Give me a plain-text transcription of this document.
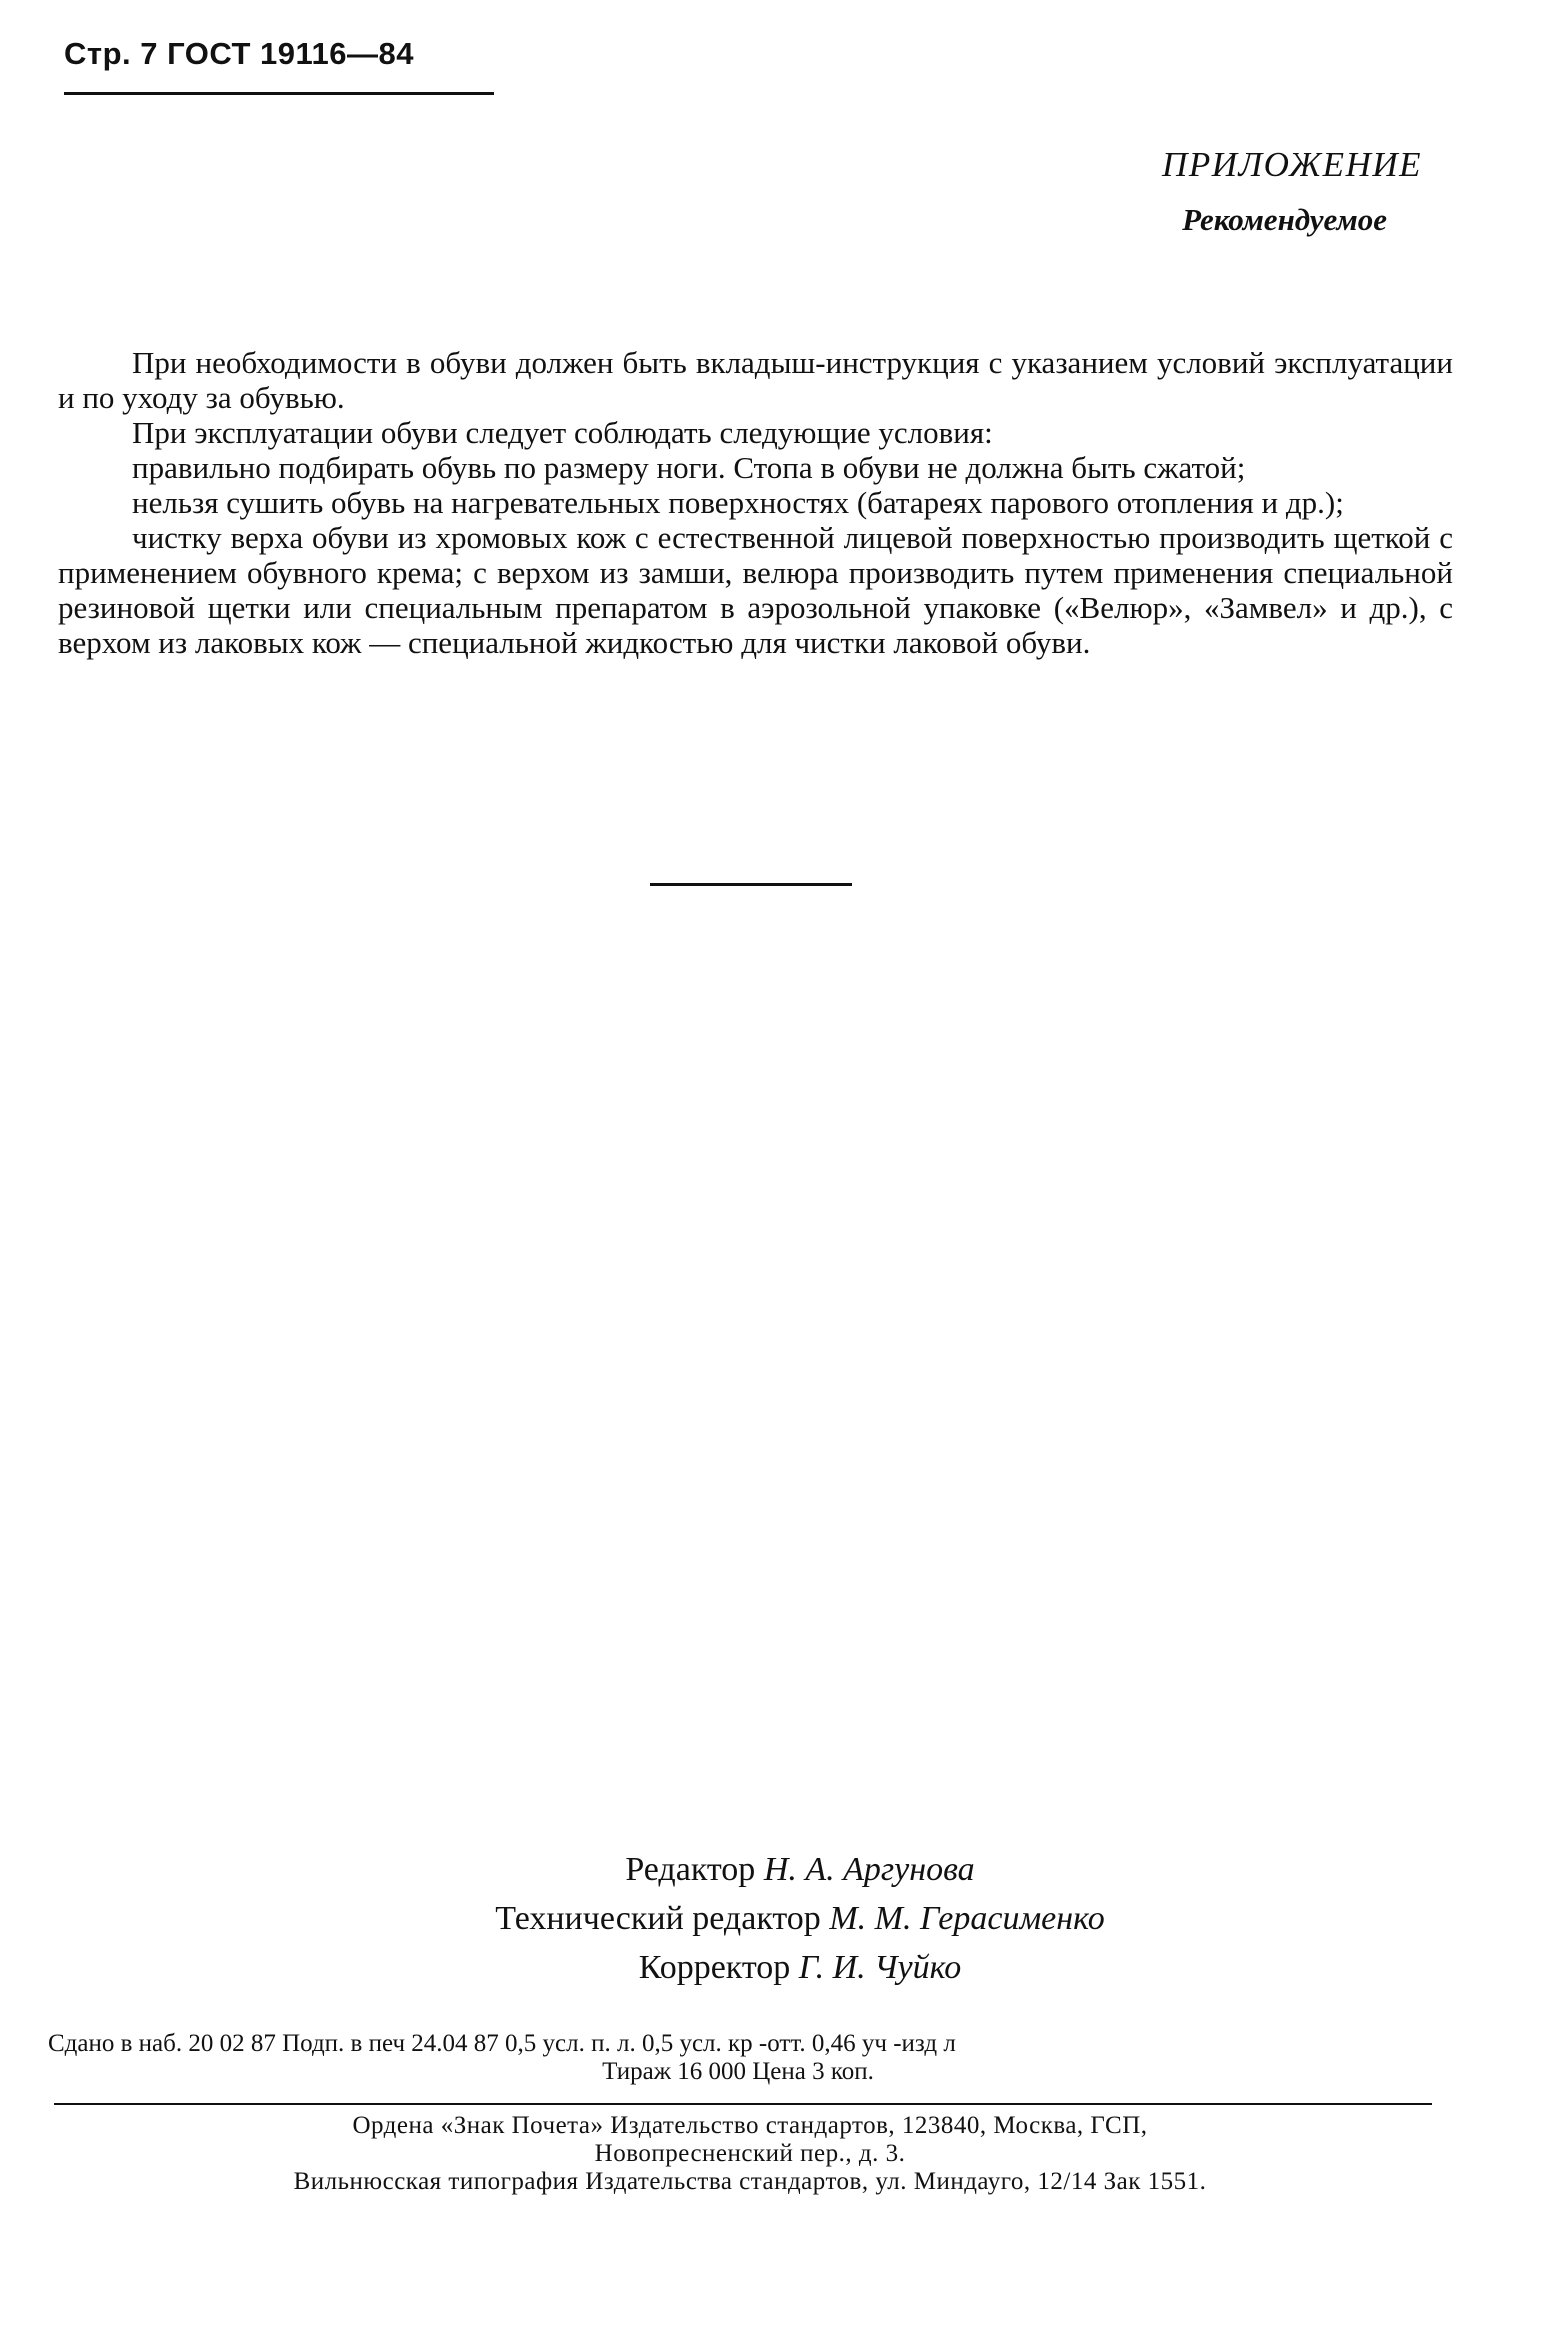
Стр. 7 ГОСТ 19116—84
ПРИЛОЖЕНИЕ
Рекомендуемое

При необходимости в обуви должен быть вкладыш-инструкция с указанием условий эксплуатации и по уходу за обувью.

При эксплуатации обуви следует соблюдать следующие условия:

правильно подбирать обувь по размеру ноги. Стопа в обуви не должна быть сжатой;

нельзя сушить обувь на нагревательных поверхностях (батареях парового отопления и др.);

чистку верха обуви из хромовых кож с естественной лицевой поверхностью производить щеткой с применением обувного крема; с верхом из замши, велюра производить путем применения специальной резиновой щетки или специальным препаратом в аэрозольной упаковке («Велюр», «Замвел» и др.), с верхом из лаковых кож — специальной жидкостью для чистки лаковой обуви.

Редактор Н. А. Аргунова
Технический редактор М. М. Герасименко
Корректор Г. И. Чуйко
Сдано в наб. 20 02 87 Подп. в печ 24.04 87 0,5 усл. п. л. 0,5 усл. кр -отт. 0,46 уч -изд л
Тираж 16 000 Цена 3 коп.
Ордена «Знак Почета» Издательство стандартов, 123840, Москва, ГСП,
Новопресненский пер., д. 3.
Вильнюсская типография Издательства стандартов, ул. Миндауго, 12/14 Зак 1551.
